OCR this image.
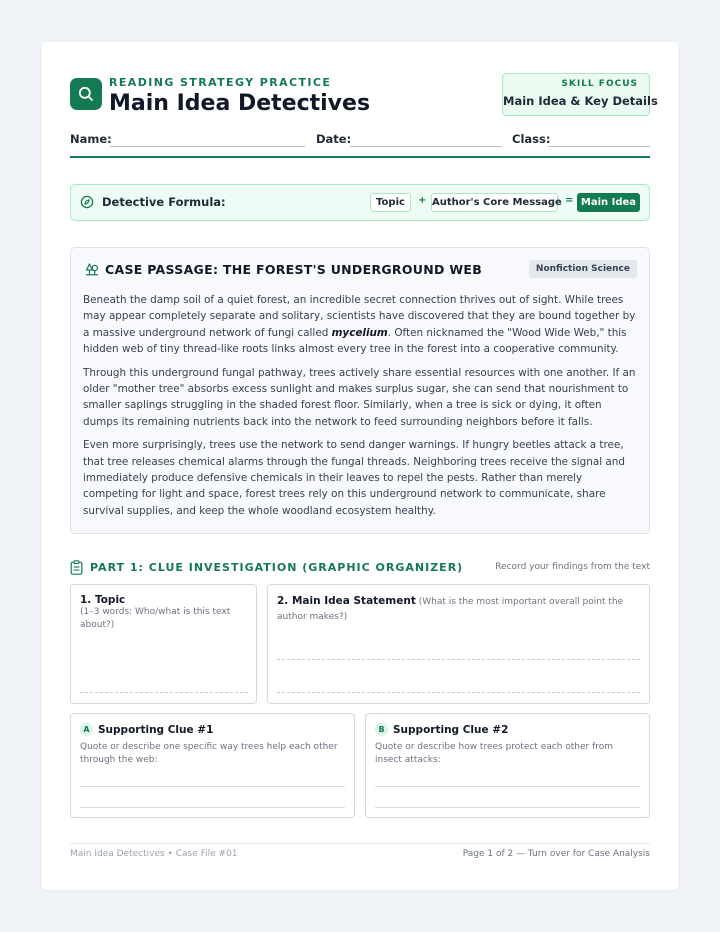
READING STRATEGY PRACTICE
Main Idea Detectives
SKILL FOCUS
Main Idea & Key Details
Name:	Date:	Class:
Detective Formula:	Topic	+ Author's Core Message = Main Idea
CASE PASSAGE: THE FOREST'S UNDERGROUND WEB	Nonfiction Science

Beneath the damp soil of a quiet forest, an incredible secret connection thrives out of sight. While trees may appear completely separate and solitary, scientists have discovered that they are bound together by a massive underground network of fungi called mycelium. Often nicknamed the "Wood Wide Web," this hidden web of tiny thread-like roots links almost every tree in the forest into a cooperative community.

Through this underground fungal pathway, trees actively share essential resources with one another. If an older "mother tree" absorbs excess sunlight and makes surplus sugar, she can send that nourishment to smaller saplings struggling in the shaded forest floor. Similarly, when a tree is sick or dying, it often dumps its remaining nutrients back into the network to feed surrounding neighbors before it falls.

Even more surprisingly, trees use the network to send danger warnings. If hungry beetles attack a tree, that tree releases chemical alarms through the fungal threads. Neighboring trees receive the signal and immediately produce defensive chemicals in their leaves to repel the pests. Rather than merely competing for light and space, forest trees rely on this underground network to communicate, share survival supplies, and keep the whole woodland ecosystem healthy.

PART 1: CLUE INVESTIGATION (GRAPHIC ORGANIZER)	Record your findings from the text
1. Topic
(1–3 words: Who/what is this text about?)
2. Main Idea Statement (What is the most important overall point the author makes?)
A Supporting Clue #1
Quote or describe one specific way trees help each other through the web:
B Supporting Clue #2
Quote or describe how trees protect each other from insect attacks:
Main Idea Detectives • Case File #01	Page 1 of 2 — Turn over for Case Analysis
